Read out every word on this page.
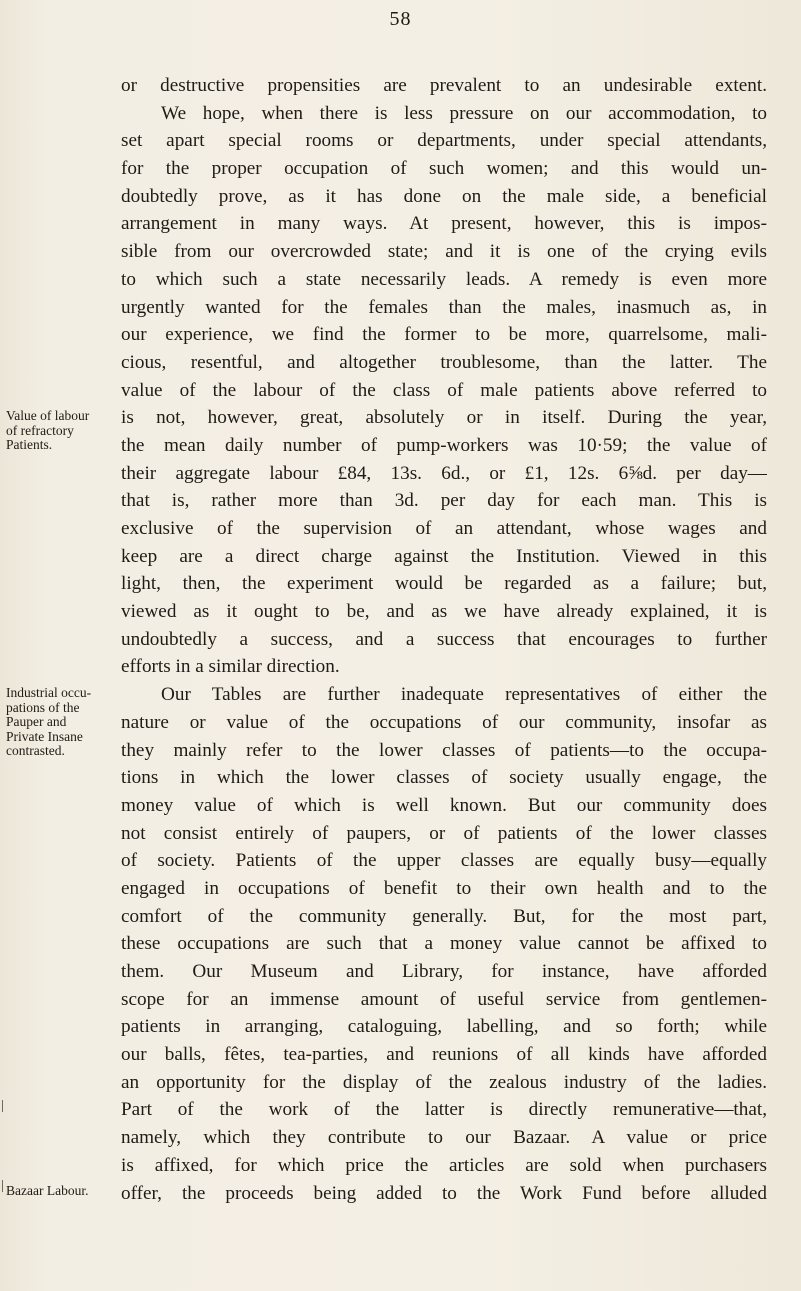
58
Value of labour
of refractory
Patients.
Industrial occu-
pations of the
Pauper and
Private Insane
contrasted.
Bazaar Labour.
or destructive propensities are prevalent to an undesirable extent.
We hope, when there is less pressure on our accommodation, to
set apart special rooms or departments, under special attendants,
for the proper occupation of such women; and this would un-
doubtedly prove, as it has done on the male side, a beneficial
arrangement in many ways. At present, however, this is impos-
sible from our overcrowded state; and it is one of the crying evils
to which such a state necessarily leads. A remedy is even more
urgently wanted for the females than the males, inasmuch as, in
our experience, we find the former to be more, quarrelsome, mali-
cious, resentful, and altogether troublesome, than the latter. The
value of the labour of the class of male patients above referred to
is not, however, great, absolutely or in itself. During the year,
the mean daily number of pump-workers was 10·59; the value of
their aggregate labour £84, 13s. 6d., or £1, 12s. 6⅝d. per day—
that is, rather more than 3d. per day for each man. This is
exclusive of the supervision of an attendant, whose wages and
keep are a direct charge against the Institution. Viewed in this
light, then, the experiment would be regarded as a failure; but,
viewed as it ought to be, and as we have already explained, it is
undoubtedly a success, and a success that encourages to further
efforts in a similar direction.
Our Tables are further inadequate representatives of either the
nature or value of the occupations of our community, insofar as
they mainly refer to the lower classes of patients—to the occupa-
tions in which the lower classes of society usually engage, the
money value of which is well known. But our community does
not consist entirely of paupers, or of patients of the lower classes
of society. Patients of the upper classes are equally busy—equally
engaged in occupations of benefit to their own health and to the
comfort of the community generally. But, for the most part,
these occupations are such that a money value cannot be affixed to
them. Our Museum and Library, for instance, have afforded
scope for an immense amount of useful service from gentlemen-
patients in arranging, cataloguing, labelling, and so forth; while
our balls, fêtes, tea-parties, and reunions of all kinds have afforded
an opportunity for the display of the zealous industry of the ladies.
Part of the work of the latter is directly remunerative—that,
namely, which they contribute to our Bazaar. A value or price
is affixed, for which price the articles are sold when purchasers
offer, the proceeds being added to the Work Fund before alluded
